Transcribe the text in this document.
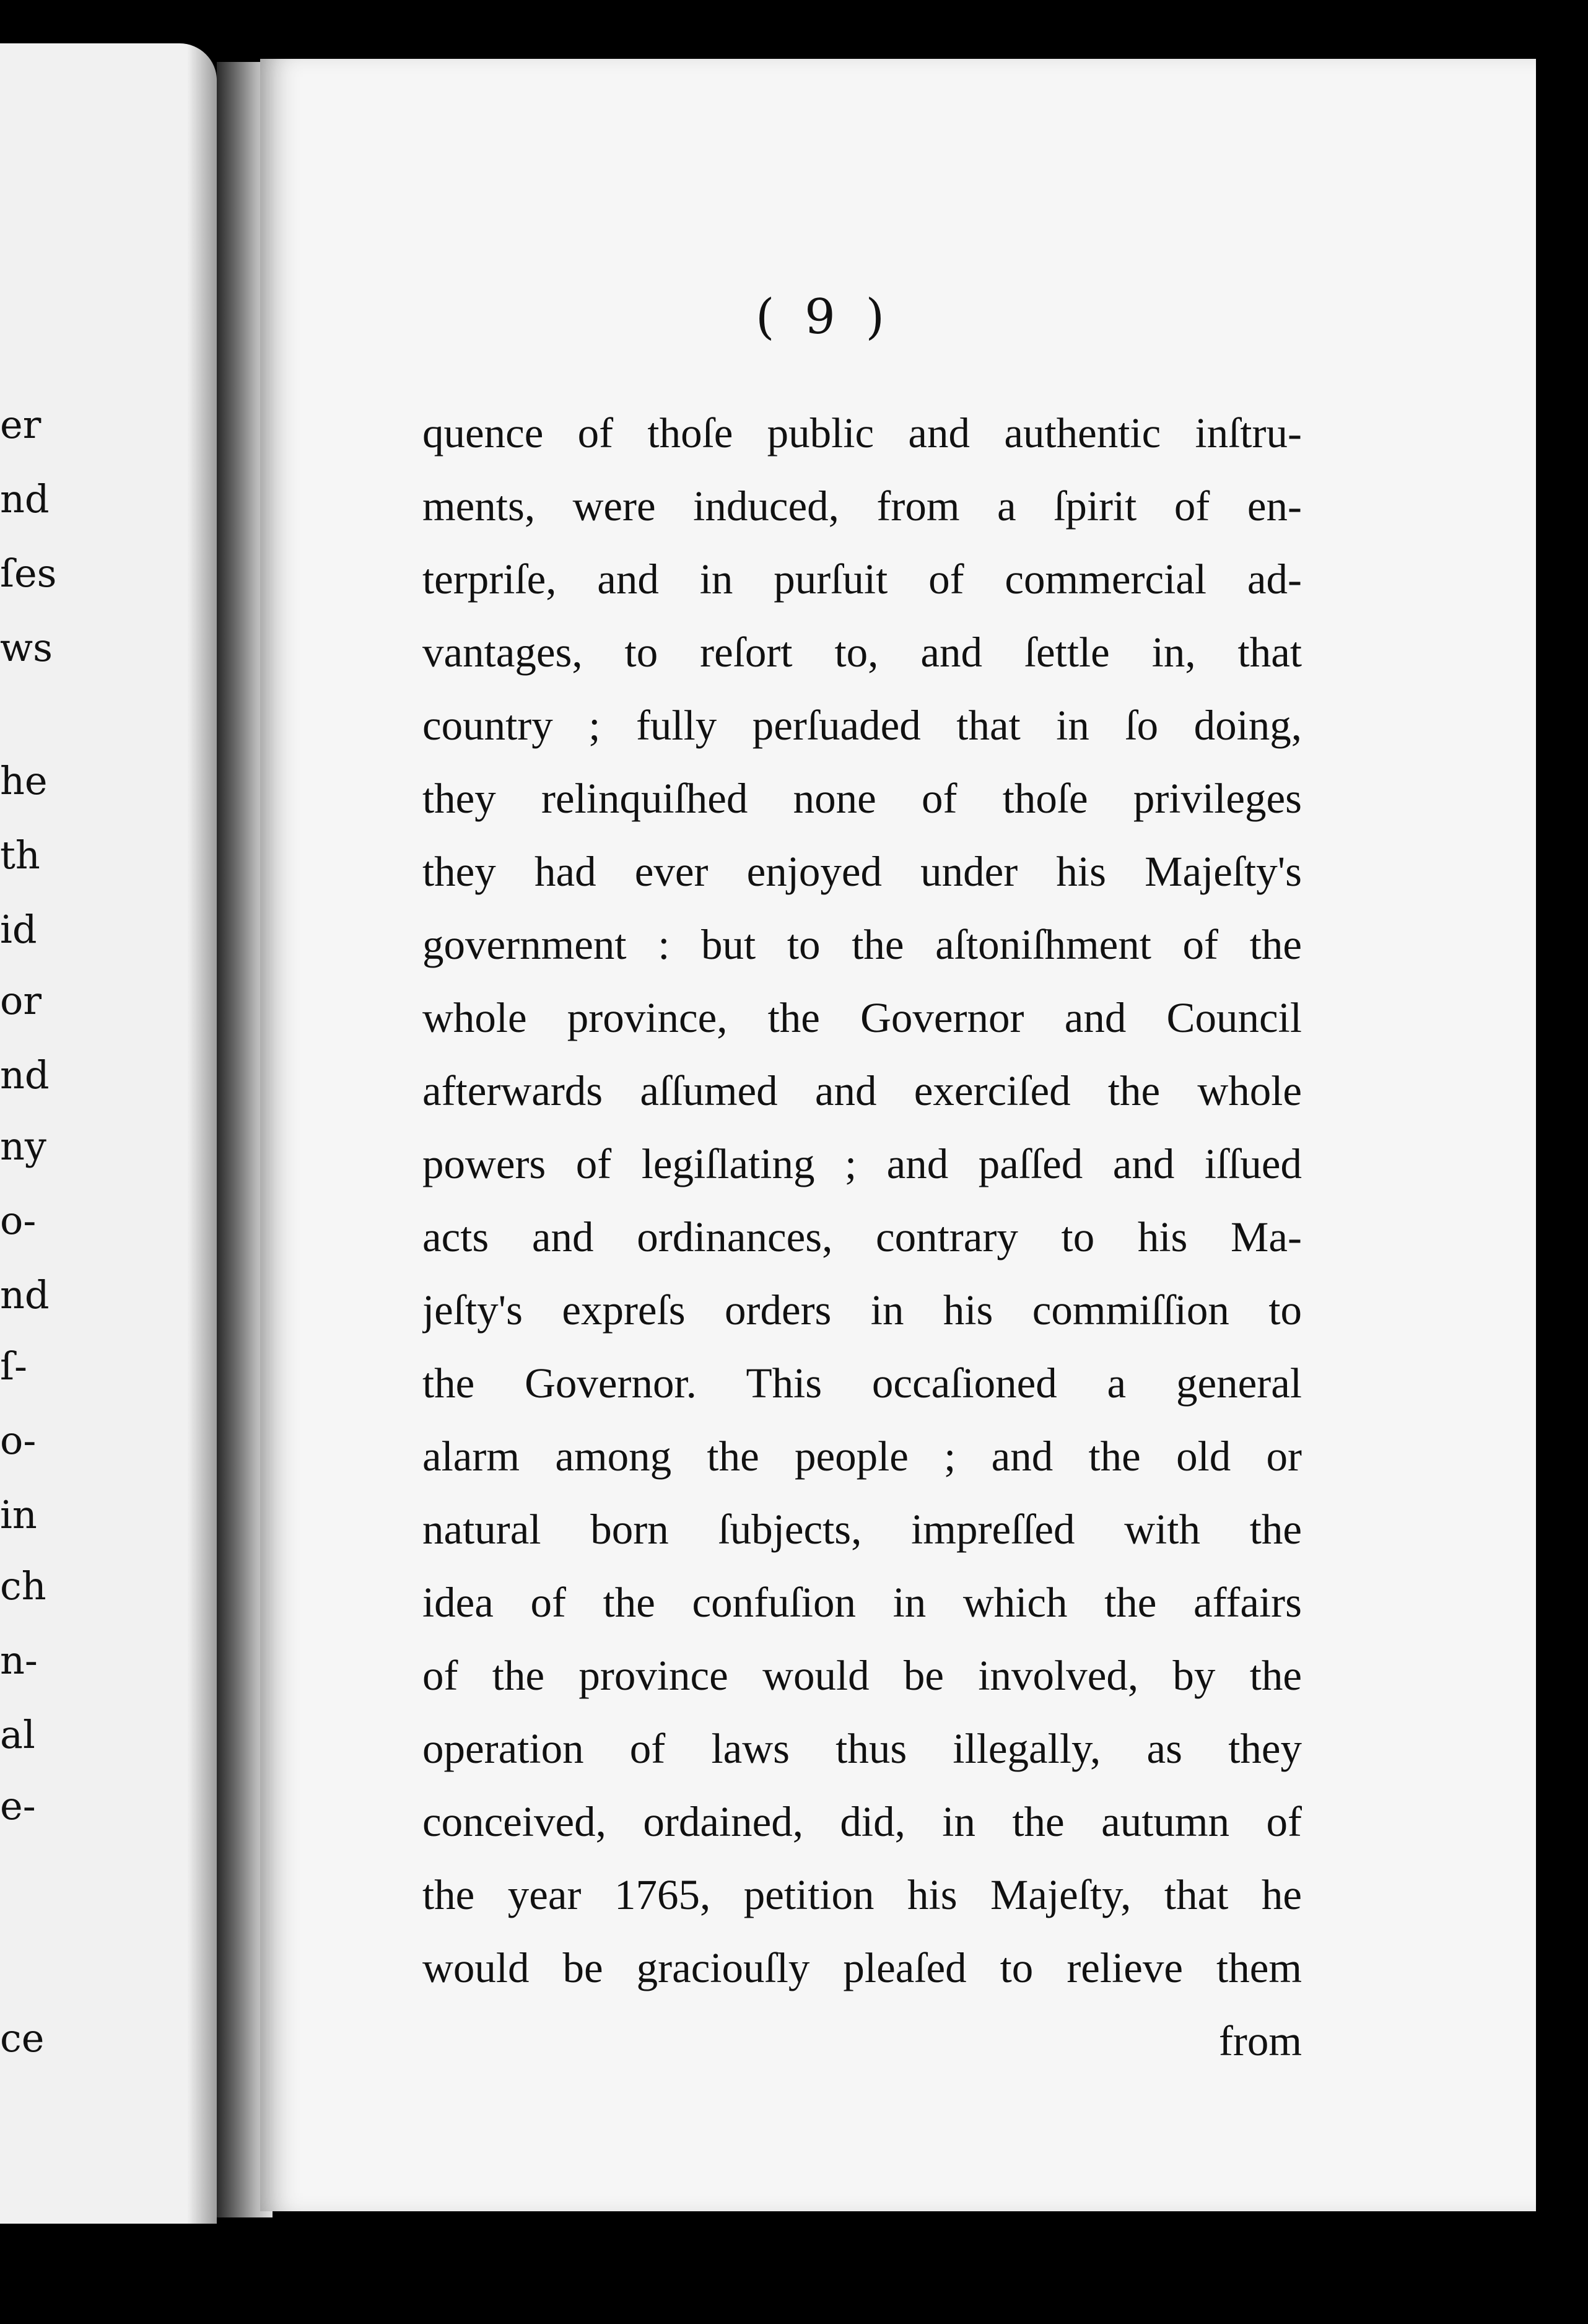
er
nd
ſes
ws
he
th
id
or
nd
ny
o-
nd
ſ-
o-
in
ch
n-
al
e-
ce
( 9 )
quence of thoſe public and authentic inſtru-
ments, were induced, from a ſpirit of en-
terpriſe, and in purſuit of commercial ad-
vantages, to reſort to, and ſettle in, that
country ; fully perſuaded that in ſo doing,
they relinquiſhed none of thoſe privileges
they had ever enjoyed under his Majeſty's
government : but to the aſtoniſhment of the
whole province, the Governor and Council
afterwards aſſumed and exerciſed the whole
powers of legiſlating ; and paſſed and iſſued
acts and ordinances, contrary to his Ma-
jeſty's expreſs orders in his commiſſion to
the Governor. This occaſioned a general
alarm among the people ; and the old or
natural born ſubjects, impreſſed with the
idea of the confuſion in which the affairs
of the province would be involved, by the
operation of laws thus illegally, as they
conceived, ordained, did, in the autumn of
the year 1765, petition his Majeſty, that he
would be graciouſly pleaſed to relieve them
from
